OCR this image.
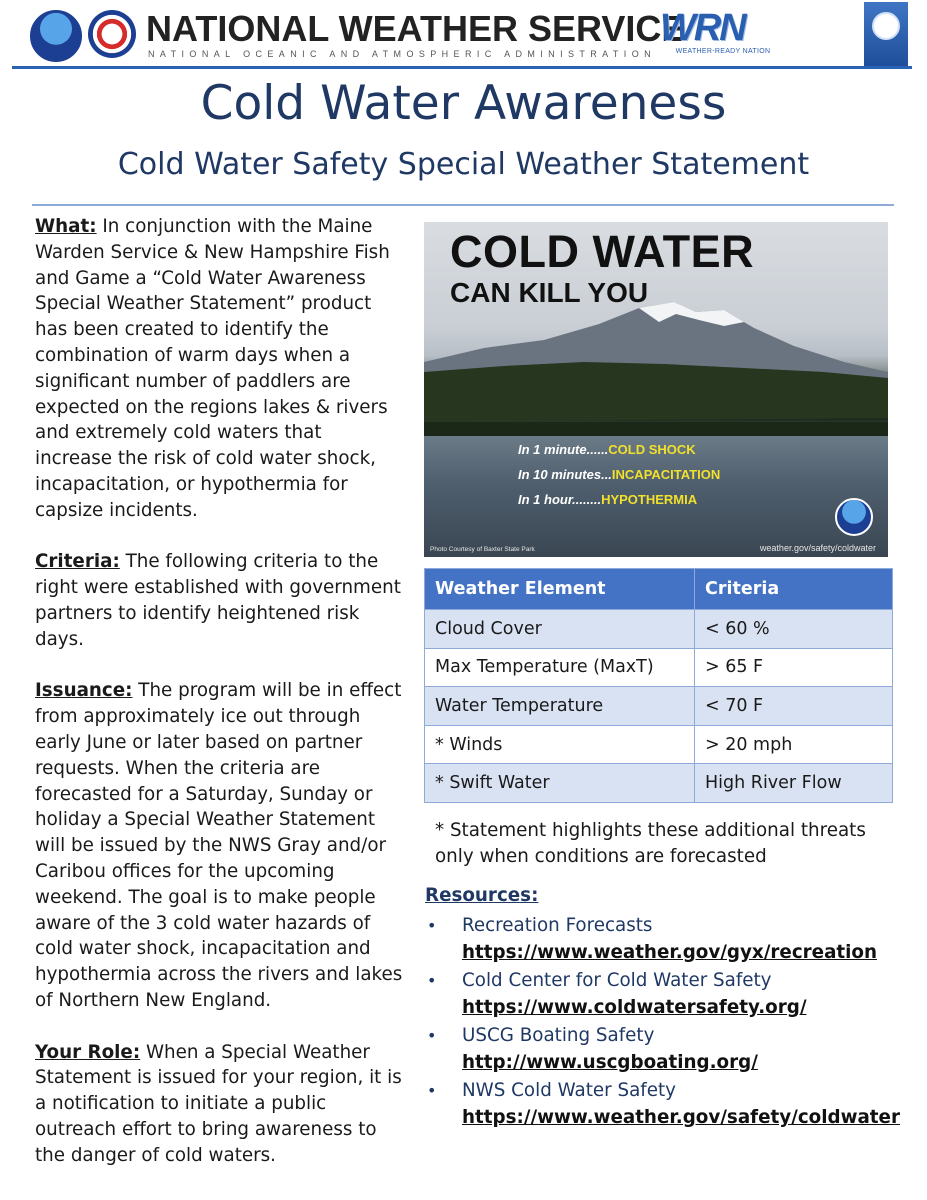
NATIONAL WEATHER SERVICE
NATIONAL OCEANIC AND ATMOSPHERIC ADMINISTRATION
WRN
WEATHER-READY NATION
Cold Water Awareness
Cold Water Safety Special Weather Statement

What: In conjunction with the Maine Warden Service & New Hampshire Fish and Game a “Cold Water Awareness Special Weather Statement” product has been created to identify the combination of warm days when a significant number of paddlers are expected on the regions lakes & rivers and extremely cold waters that increase the risk of cold water shock, incapacitation, or hypothermia for capsize incidents.

Criteria: The following criteria to the right were established with government partners to identify heightened risk days.

Issuance: The program will be in effect from approximately ice out through early June or later based on partner requests. When the criteria are forecasted for a Saturday, Sunday or holiday a Special Weather Statement will be issued by the NWS Gray and/or Caribou offices for the upcoming weekend. The goal is to make people aware of the 3 cold water hazards of cold water shock, incapacitation and hypothermia across the rivers and lakes of Northern New England.

Your Role: When a Special Weather Statement is issued for your region, it is a notification to initiate a public outreach effort to bring awareness to the danger of cold waters.

COLD WATER
CAN KILL YOU
In 1 minute......COLD SHOCK
In 10 minutes...INCAPACITATION
In 1 hour........HYPOTHERMIA
Photo Courtesy of Baxter State Park	weather.gov/safety/coldwater
Weather Element	Criteria
Cloud Cover	< 60 %
Max Temperature (MaxT)	> 65 F
Water Temperature	< 70 F
* Winds	> 20 mph
* Swift Water	High River Flow
* Statement highlights these additional threats only when conditions are forecasted
Resources:
• Recreation Forecasts
https://www.weather.gov/gyx/recreation
• Cold Center for Cold Water Safety
https://www.coldwatersafety.org/
• USCG Boating Safety
http://www.uscgboating.org/
• NWS Cold Water Safety
https://www.weather.gov/safety/coldwater
